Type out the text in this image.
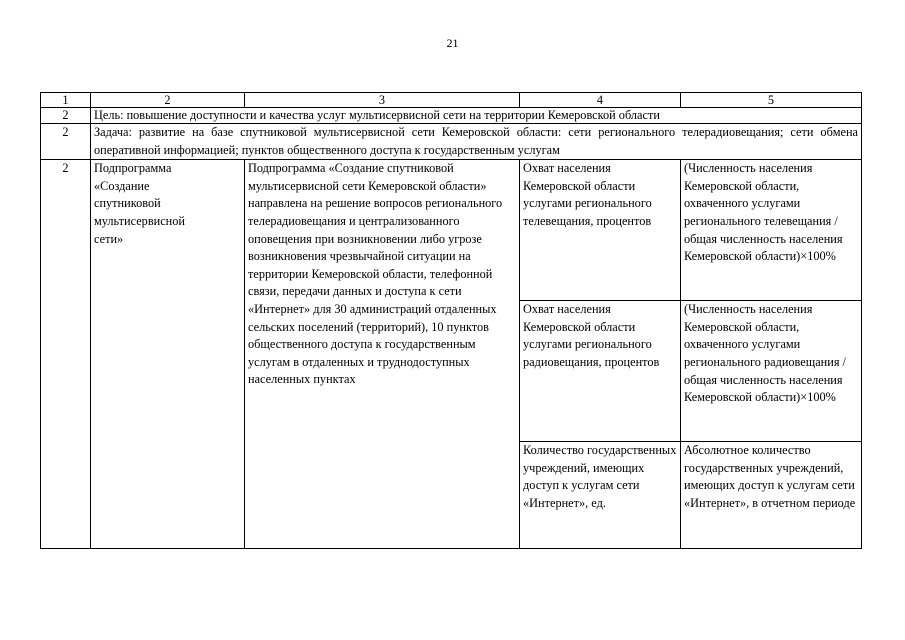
21
1	2	3	4	5
2	Цель: повышение доступности и качества услуг мультисервисной сети на территории Кемеровской области			
2	Задача: развитие на базе спутниковой мультисервисной сети Кемеровской области: сети регионального телерадиовещания; сети обмена оперативной информацией; пунктов общественного доступа к государственным услугам			
2	Подпрограмма «Создание спутниковой мультисервисной сети»	Подпрограмма «Создание спутниковой мультисервисной сети Кемеровской области» направлена на решение вопросов регионального телерадиовещания и централизованного оповещения при возникновении либо угрозе возникновения чрезвычайной ситуации на территории Кемеровской области, телефонной связи, передачи данных и доступа к сети «Интернет» для 30 администраций отдаленных сельских поселений (территорий), 10 пунктов общественного доступа к государственным услугам в отдаленных и труднодоступных населенных пунктах	Охват населения Кемеровской области услугами регионального телевещания, процентов	(Численность населения Кемеровской области, охваченного услугами регионального телевещания / общая численность населения Кемеровской области)×100%
			Охват населения Кемеровской области услугами регионального радиовещания, процентов	(Численность населения Кемеровской области, охваченного услугами регионального радиовещания / общая численность населения Кемеровской области)×100%
			Количество государственных учреждений, имеющих доступ к услугам сети «Интернет», ед.	Абсолютное количество государственных учреждений, имеющих доступ к услугам сети «Интернет», в отчетном периоде
